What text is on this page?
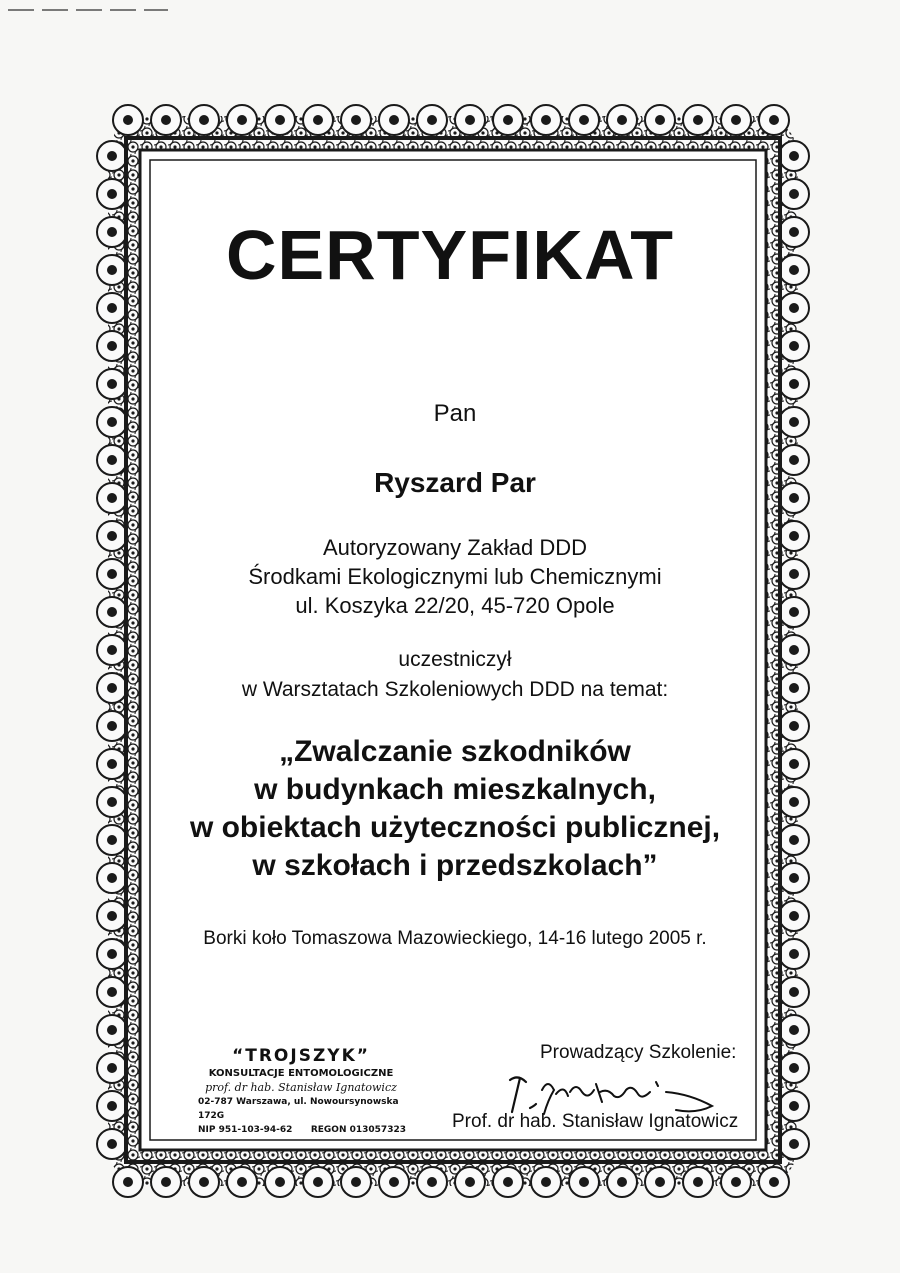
CERTYFIKAT
Pan
Ryszard Par
Autoryzowany Zakład DDD
Środkami Ekologicznymi lub Chemicznymi
ul. Koszyka 22/20, 45-720 Opole
uczestniczył
w Warsztatach Szkoleniowych DDD na temat:
„Zwalczanie szkodników
w budynkach mieszkalnych,
w obiektach użyteczności publicznej,
w szkołach i przedszkolach”
Borki koło Tomaszowa Mazowieckiego, 14-16 lutego 2005 r.
“TROJSZYK”
KONSULTACJE ENTOMOLOGICZNE
prof. dr hab. Stanisław Ignatowicz
02-787 Warszawa, ul. Nowoursynowska 172G
NIP 951-103-94-62 REGON 013057323
Prowadzący Szkolenie:
Prof. dr hab. Stanisław Ignatowicz
